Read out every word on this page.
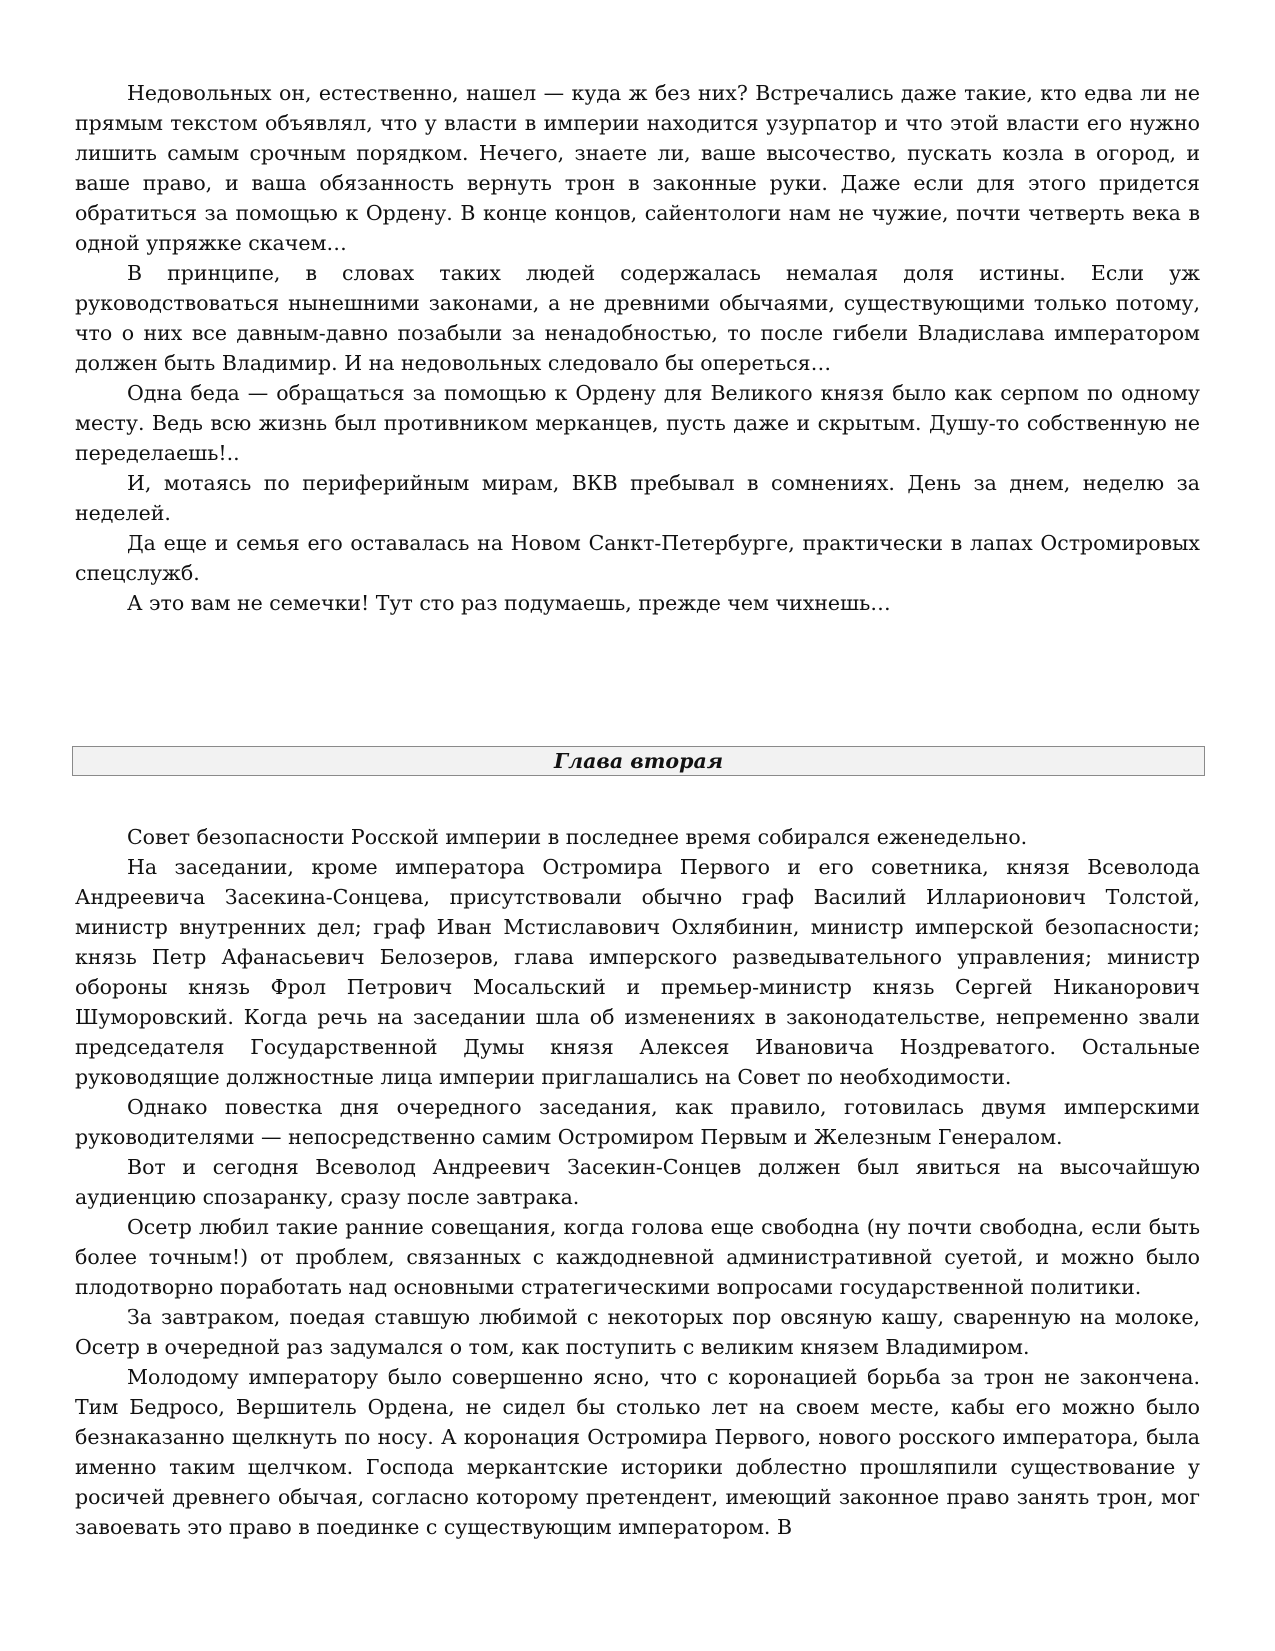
Недовольных он, естественно, нашел — куда ж без них? Встречались даже такие, кто едва ли не прямым текстом объявлял, что у власти в империи находится узурпатор и что этой власти его нужно лишить самым срочным порядком. Нечего, знаете ли, ваше высочество, пускать козла в огород, и ваше право, и ваша обязанность вернуть трон в законные руки. Даже если для этого придется обратиться за помощью к Ордену. В конце концов, сайентологи нам не чужие, почти четверть века в одной упряжке скачем…

В принципе, в словах таких людей содержалась немалая доля истины. Если уж руководствоваться нынешними законами, а не древними обычаями, существующими только потому, что о них все давным-давно позабыли за ненадобностью, то после гибели Владислава императором должен быть Владимир. И на недовольных следовало бы опереться…

Одна беда — обращаться за помощью к Ордену для Великого князя было как серпом по одному месту. Ведь всю жизнь был противником мерканцев, пусть даже и скрытым. Душу-то собственную не переделаешь!..

И, мотаясь по периферийным мирам, ВКВ пребывал в сомнениях. День за днем, неделю за неделей.

Да еще и семья его оставалась на Новом Санкт-Петербурге, практически в лапах Остромировых спецслужб.

А это вам не семечки! Тут сто раз подумаешь, прежде чем чихнешь…

Глава вторая

Совет безопасности Росской империи в последнее время собирался еженедельно.

На заседании, кроме императора Остромира Первого и его советника, князя Всеволода Андреевича Засекина-Сонцева, присутствовали обычно граф Василий Илларионович Толстой, министр внутренних дел; граф Иван Мстиславович Охлябинин, министр имперской безопасности; князь Петр Афанасьевич Белозеров, глава имперского разведывательного управления; министр обороны князь Фрол Петрович Мосальский и премьер-министр князь Сергей Никанорович Шуморовский. Когда речь на заседании шла об изменениях в законодательстве, непременно звали председателя Государственной Думы князя Алексея Ивановича Ноздреватого. Остальные руководящие должностные лица империи приглашались на Совет по необходимости.

Однако повестка дня очередного заседания, как правило, готовилась двумя имперскими руководителями — непосредственно самим Остромиром Первым и Железным Генералом.

Вот и сегодня Всеволод Андреевич Засекин-Сонцев должен был явиться на высочайшую аудиенцию спозаранку, сразу после завтрака.

Осетр любил такие ранние совещания, когда голова еще свободна (ну почти свободна, если быть более точным!) от проблем, связанных с каждодневной административной суетой, и можно было плодотворно поработать над основными стратегическими вопросами государственной политики.

За завтраком, поедая ставшую любимой с некоторых пор овсяную кашу, сваренную на молоке, Осетр в очередной раз задумался о том, как поступить с великим князем Владимиром.

Молодому императору было совершенно ясно, что с коронацией борьба за трон не закончена. Тим Бедросо, Вершитель Ордена, не сидел бы столько лет на своем месте, кабы его можно было безнаказанно щелкнуть по носу. А коронация Остромира Первого, нового росского императора, была именно таким щелчком. Господа меркантские историки доблестно прошляпили существование у росичей древнего обычая, согласно которому претендент, имеющий законное право занять трон, мог завоевать это право в поединке с существующим императором. В
